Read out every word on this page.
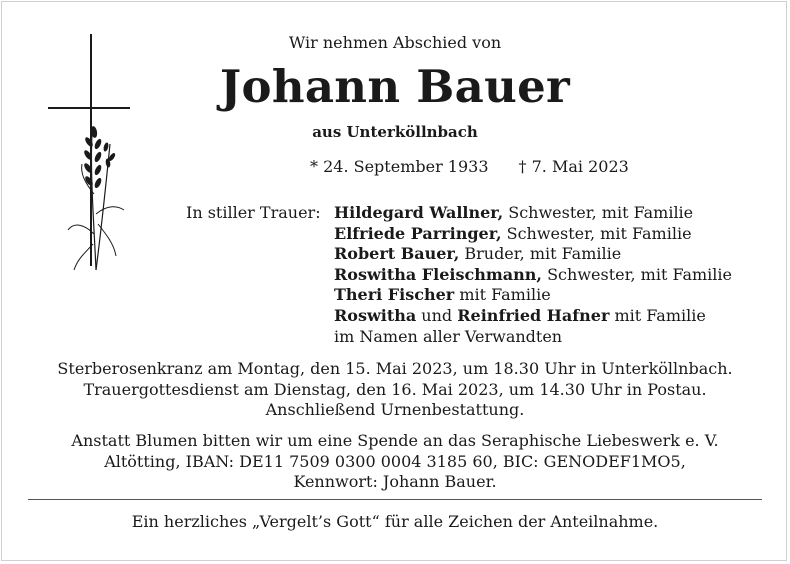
Wir nehmen Abschied von
Johann Bauer
aus Unterköllnbach
* 24. September 1933 † 7. Mai 2023
In stiller Trauer: Hildegard Wallner, Schwester, mit Familie
Elfriede Parringer, Schwester, mit Familie
Robert Bauer, Bruder, mit Familie
Roswitha Fleischmann, Schwester, mit Familie
Theri Fischer mit Familie
Roswitha und Reinfried Hafner mit Familie
im Namen aller Verwandten
Sterberosenkranz am Montag, den 15. Mai 2023, um 18.30 Uhr in Unterköllnbach.
Trauergottesdienst am Dienstag, den 16. Mai 2023, um 14.30 Uhr in Postau.
Anschließend Urnenbestattung.
Anstatt Blumen bitten wir um eine Spende an das Seraphische Liebeswerk e. V.
Altötting, IBAN: DE11 7509 0300 0004 3185 60, BIC: GENODEF1MO5,
Kennwort: Johann Bauer.
Ein herzliches „Vergelt’s Gott“ für alle Zeichen der Anteilnahme.
